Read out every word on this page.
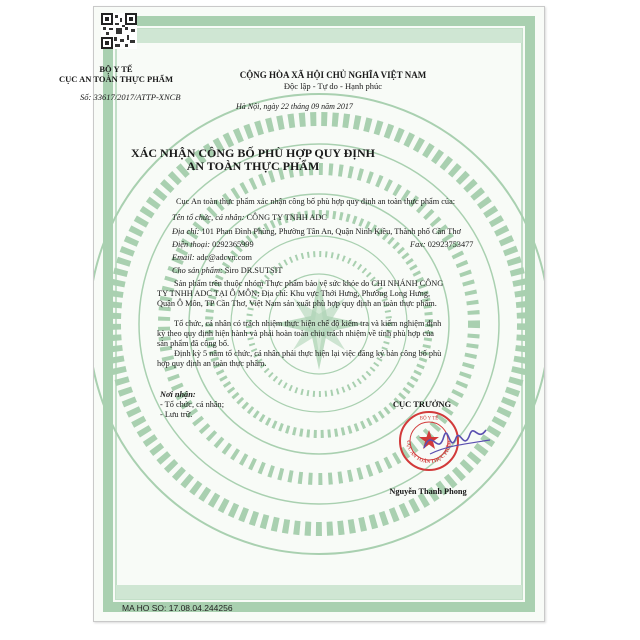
BỘ Y TẾ
CỤC AN TOÀN THỰC PHẨM
Số: 33617/2017/ATTP-XNCB
CỘNG HÒA XÃ HỘI CHỦ NGHĨA VIỆT NAM
Độc lập - Tự do - Hạnh phúc
Hà Nội, ngày 22 tháng 09 năm 2017
XÁC NHẬN CÔNG BỐ PHÙ HỢP QUY ĐỊNH
AN TOÀN THỰC PHẨM
Cục An toàn thực phẩm xác nhận công bố phù hợp quy định an toàn thực phẩm của:
Tên tổ chức, cá nhân: CÔNG TY TNHH ADC
Địa chỉ: 101 Phan Đình Phùng, Phường Tân An, Quận Ninh Kiều, Thành phố Cần Thơ
Điện thoại: 0292365999	Fax: 02923753477
Email: adc@adcvn.com
Cho sản phẩm: Siro DR.SUTSIT
Sản phẩm trên thuộc nhóm Thực phẩm bảo vệ sức khỏe do CHI NHÁNH CÔNG TY TNHH ADC TẠI Ô MÔN; Địa chỉ: Khu vực Thới Hưng, Phường Long Hưng, Quận Ô Môn, TP Cần Thơ, Việt Nam sản xuất phù hợp quy định an toàn thực phẩm.
Tổ chức, cá nhân có trách nhiệm thực hiện chế độ kiểm tra và kiểm nghiệm định kỳ theo quy định hiện hành và phải hoàn toàn chịu trách nhiệm về tính phù hợp của sản phẩm đã công bố.
Định kỳ 5 năm tổ chức, cá nhân phải thực hiện lại việc đăng ký bản công bố phù hợp quy định an toàn thực phẩm.
Nơi nhận:
- Tổ chức, cá nhân;
- Lưu trữ.
CỤC TRƯỞNG
BỘ Y TẾ
CỤC AN TOÀN THỰC PHẨM
Nguyễn Thanh Phong
MA HO SO: 17.08.04.244256
